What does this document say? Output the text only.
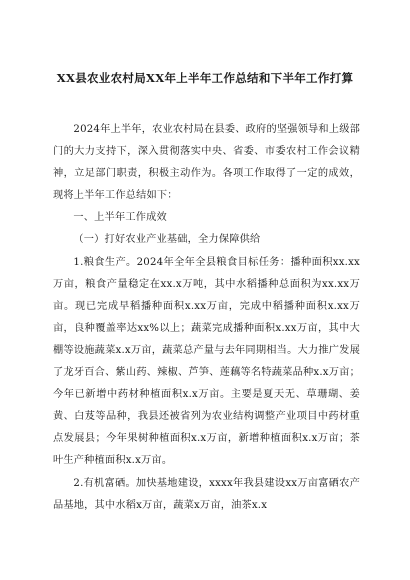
XX县农业农村局XX年上半年工作总结和下半年工作打算

2024年上半年，农业农村局在县委、政府的坚强领导和上级部门的大力支持下，深入贯彻落实中央、省委、市委农村工作会议精神，立足部门职责，积极主动作为。各项工作取得了一定的成效，现将上半年工作总结如下：

一、上半年工作成效

（一）打好农业产业基础，全力保障供给

1.粮食生产。2024年全年全县粮食目标任务：播种面积xx.xx万亩，粮食产量稳定在xx.x万吨，其中水稻播种总面积为xx.xx万亩。现已完成早稻播种面积x.xx万亩，完成中稻播种面积x.xx万亩，良种覆盖率达xx%以上；蔬菜完成播种面积x.xx万亩，其中大棚等设施蔬菜x.x万亩，蔬菜总产量与去年同期相当。大力推广发展了龙牙百合、紫山药、辣椒、芦笋、莲藕等名特蔬菜品种x.x万亩；今年已新增中药材种植面积x.x万亩。主要是夏天无、草珊瑚、姜黄、白芨等品种，我县还被省列为农业结构调整产业项目中药材重点发展县；今年果树种植面积x.x万亩，新增种植面积x.x万亩；茶叶生产种植面积x.x万亩。

2.有机富硒。加快基地建设，xxxx年我县建设xx万亩富硒农产品基地，其中水稻x万亩，蔬菜x万亩，油茶x.x
